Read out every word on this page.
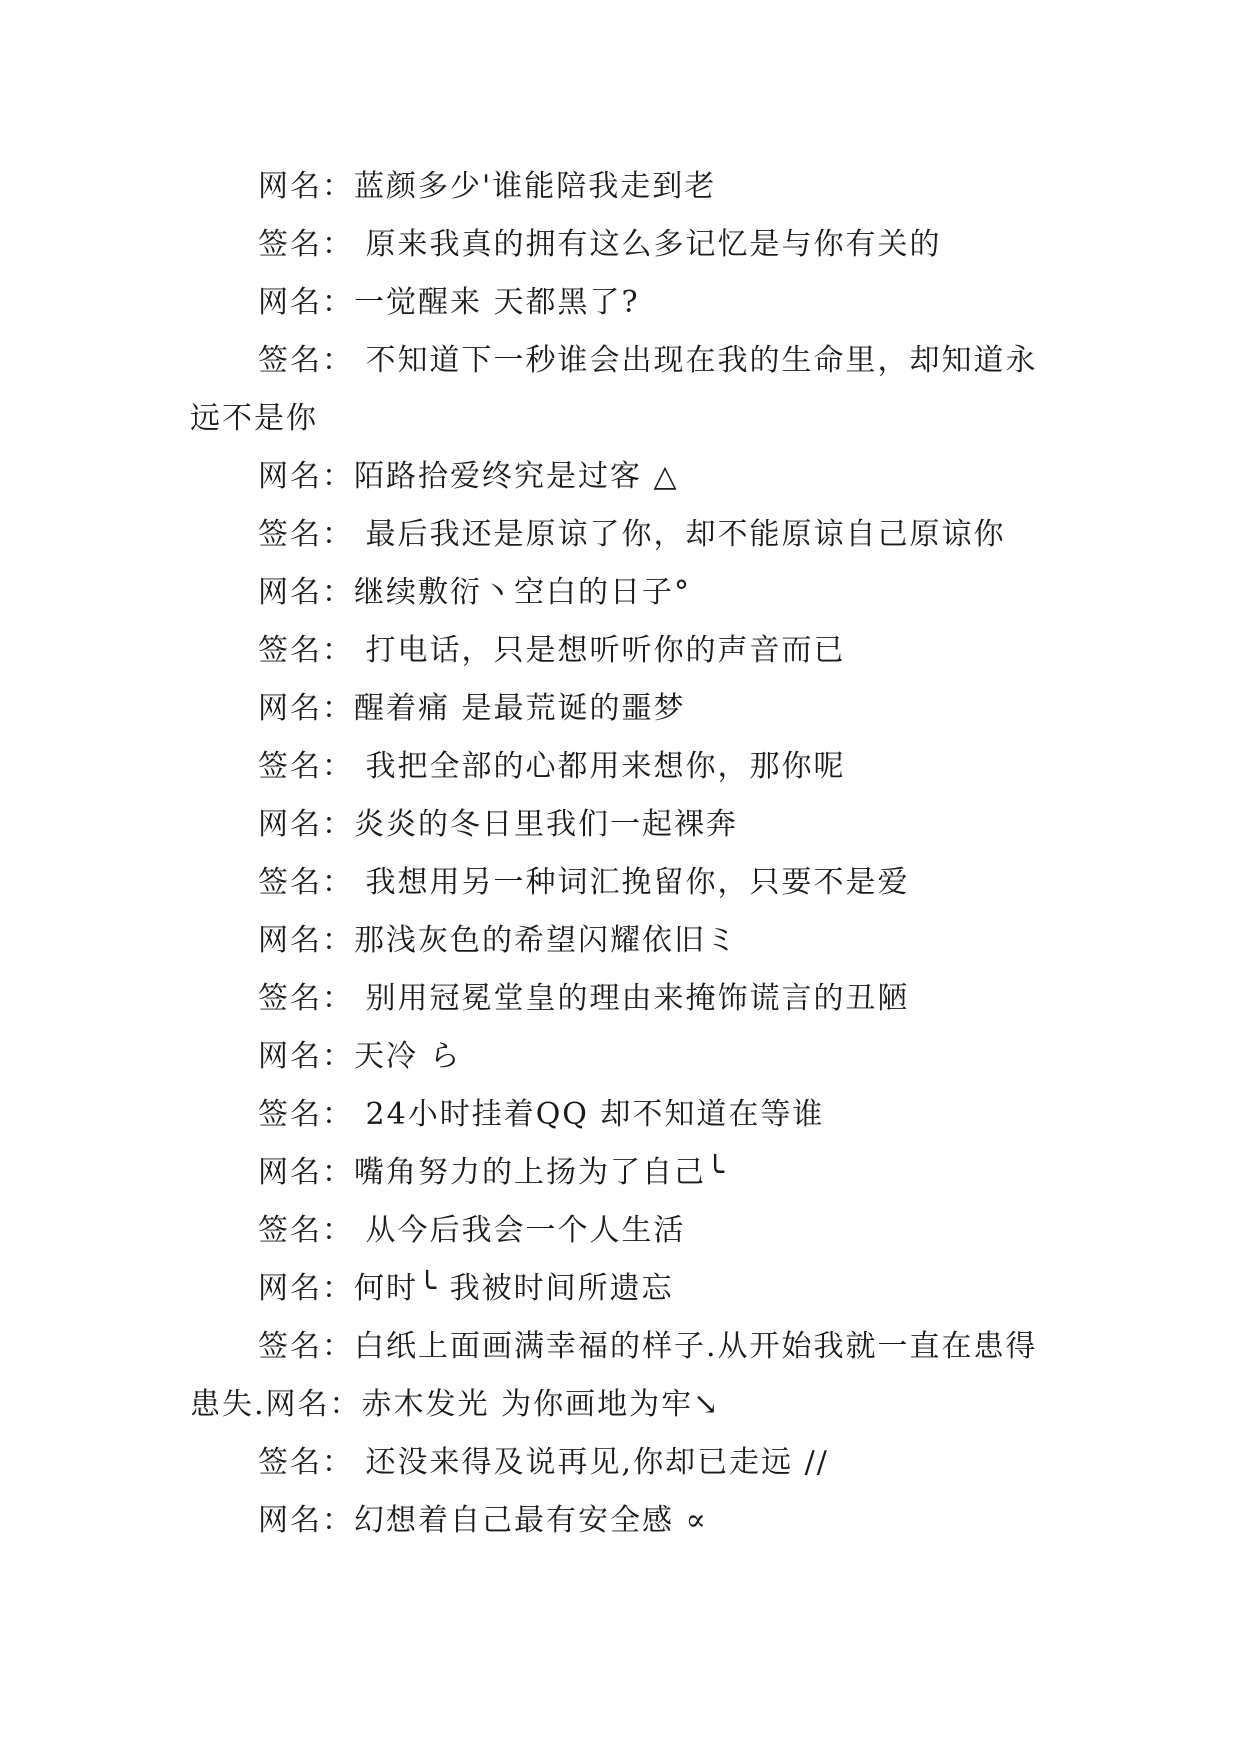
网名：蓝颜多少'谁能陪我走到老

签名： 原来我真的拥有这么多记忆是与你有关的

网名：一觉醒来 天都黑了?

签名： 不知道下一秒谁会出现在我的生命里，却知道永远不是你

网名：陌路拾爱终究是过客 △

签名： 最后我还是原谅了你，却不能原谅自己原谅你

网名：继续敷衍丶空白的日子°

签名： 打电话，只是想听听你的声音而已

网名：醒着痛 是最荒诞的噩梦

签名： 我把全部的心都用来想你，那你呢

网名：炎炎的冬日里我们一起裸奔

签名： 我想用另一种词汇挽留你，只要不是爱

网名：那浅灰色的希望闪耀依旧ミ

签名： 别用冠冕堂皇的理由来掩饰谎言的丑陋

网名：天冷 ら

签名： 24小时挂着QQ 却不知道在等谁

网名：嘴角努力的上扬为了自己╰

签名： 从今后我会一个人生活

网名：何时╰ 我被时间所遗忘

签名：白纸上面画满幸福的样子.从开始我就一直在患得患失.网名：赤木发光 为你画地为牢↘

签名： 还没来得及说再见,你却已走远 //

网名：幻想着自己最有安全感 ∝
